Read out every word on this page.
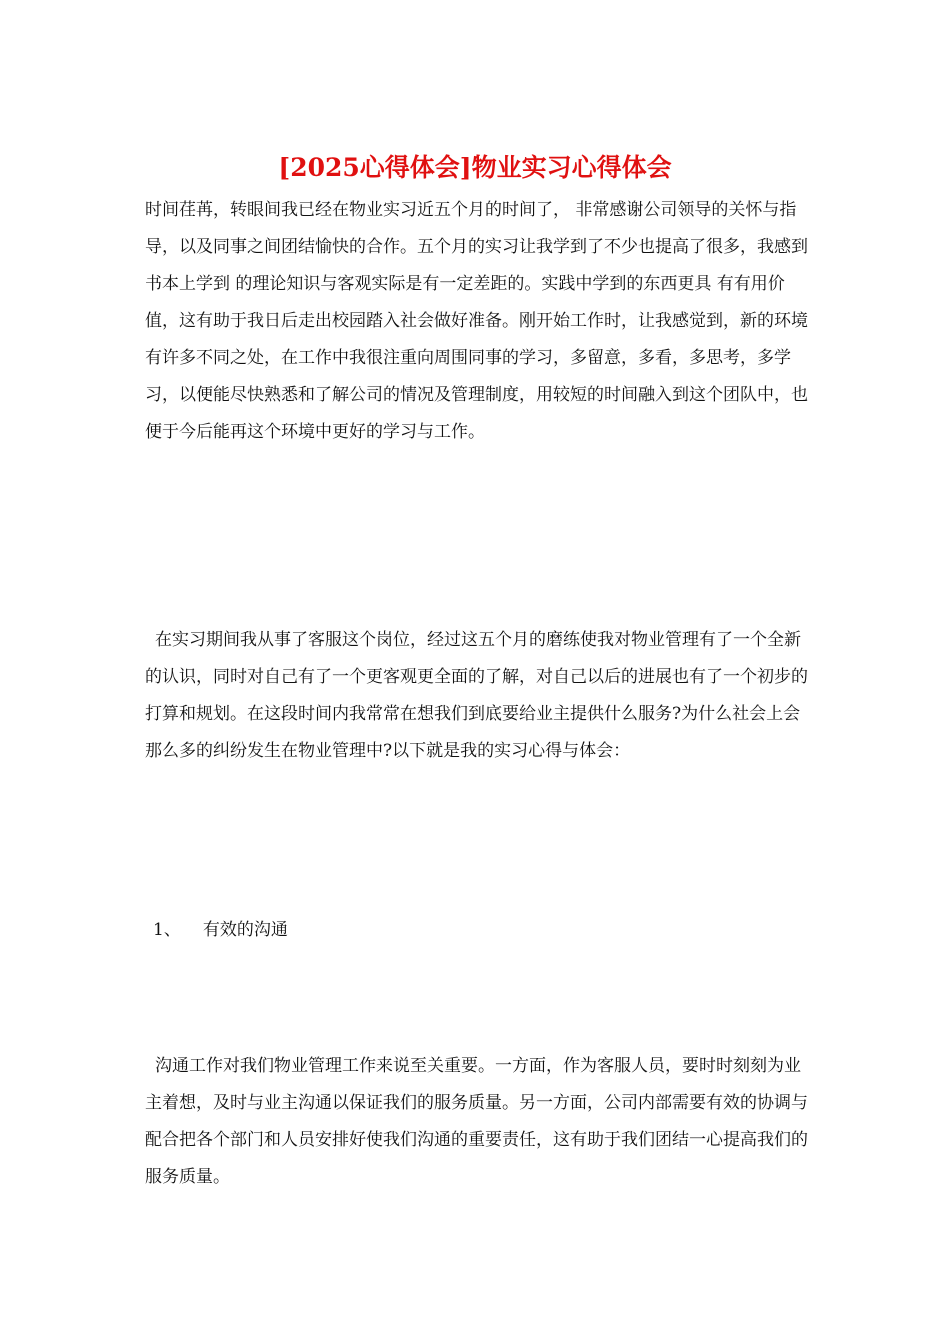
[2025心得体会]物业实习心得体会
时间荏苒，转眼间我已经在物业实习近五个月的时间了， 非常感谢公司领导的关怀与指导，以及同事之间团结愉快的合作。五个月的实习让我学到了不少也提高了很多，我感到书本上学到 的理论知识与客观实际是有一定差距的。实践中学到的东西更具 有有用价值，这有助于我日后走出校园踏入社会做好准备。刚开始工作时，让我感觉到，新的环境有许多不同之处，在工作中我很注重向周围同事的学习，多留意，多看，多思考，多学习，以便能尽快熟悉和了解公司的情况及管理制度，用较短的时间融入到这个团队中，也便于今后能再这个环境中更好的学习与工作。
在实习期间我从事了客服这个岗位，经过这五个月的磨练使我对物业管理有了一个全新的认识，同时对自己有了一个更客观更全面的了解，对自己以后的进展也有了一个初步的打算和规划。在这段时间内我常常在想我们到底要给业主提供什么服务?为什么社会上会那么多的纠纷发生在物业管理中?以下就是我的实习心得与体会：
1、 有效的沟通
沟通工作对我们物业管理工作来说至关重要。一方面，作为客服人员，要时时刻刻为业主着想，及时与业主沟通以保证我们的服务质量。另一方面，公司内部需要有效的协调与配合把各个部门和人员安排好使我们沟通的重要责任，这有助于我们团结一心提高我们的服务质量。
